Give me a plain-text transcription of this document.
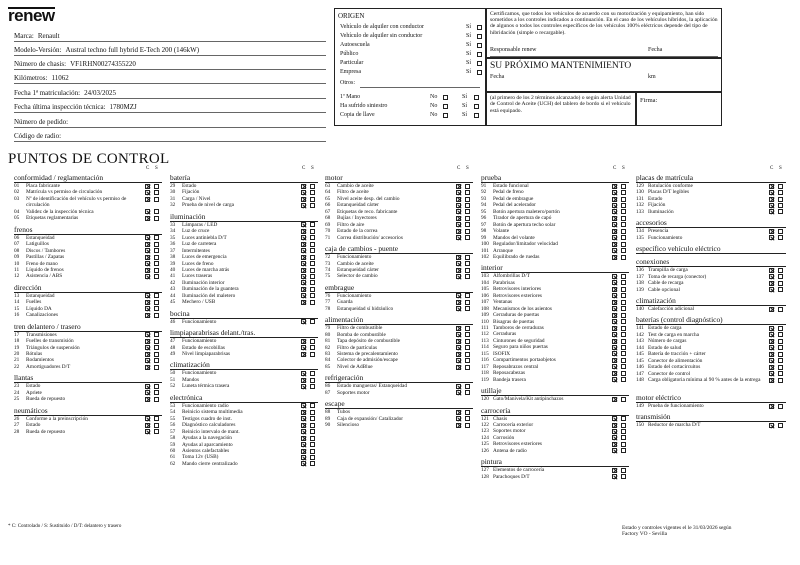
renew
Marca: Renault
Modelo-Versión: Austral techno full hybrid E-Tech 200 (146kW)
Número de chasis: VF1RHN00274355220
Kilómetros: 11062
Fecha 1ª matriculación: 24/03/2025
Fecha última inspección técnica: 1780MZJ
Número de pedido:
Código de radio:
ORIGEN
Vehículo de alquiler con conductor	Sí
Vehículo de alquiler sin conductor	Sí
Autoescuela	Sí
Público	Sí
Particular	Sí
Empresa	Sí
Otros:
1ª Mano	No	Sí
Ha sufrido siniestro	No	Sí
Copia de llave	No	Sí
Certificamos, que todos los vehículos de acuerdo con su motorización y equipamiento, han sido sometidos a los controles indicados a continuación. En el caso de los vehículos híbridos, la aplicación de algunos o todos los controles específicos de los vehículos 100% eléctricos depende del tipo de hibridación (simple o recargable).
Responsable renew	Fecha
SU PRÓXIMO MANTENIMIENTO
Fecha	km
(al primero de los 2 términos alcanzado) o según alerta Unidad de Control de Aceite (UCH) del tablero de bordo si el vehículo está equipado.
Firma:
PUNTOS DE CONTROL
C S
conformidad / reglamentación
01 Placa fabricante
02 Matrícula vs permiso de circulación
03 Nº de identificación del vehículo vs permiso de circulación
04 Validez de la inspección técnica
05 Etiquetas reglamentarias
frenos
06 Estanqueidad
07 Latiguillos
08 Discos / Tambores
09 Pastillas / Zapatas
10 Freno de mano
11 Líquido de frenos
12 Asistencia / ABS
dirección
13 Estanqueidad
14 Fuelles
15 Líquido DA
16 Canalizaciones
tren delantero / trasero
17 Transmisiones
18 Fuelles de transmisión
19 Triángulos de suspensión
20 Rótulas
21 Rodamientos
22 Amortiguadores D/T
llantas
23 Estado
24 Apriete
25 Rueda de repuesto
neumáticos
26 Conforme a la preinscripción
27 Estado
28 Rueda de repuesto
C S
batería
29 Estado
30 Fijación
31 Carga / Nivel
32 Prueba de nivel de carga
iluminación
33 Lámparas / LED
34 Luz de cruce
35 Luces antiniebla D/T
36 Luz de carretera
37 Intermitentes
38 Luces de emergencia
39 Luces de freno
40 Luces de marcha atrás
41 Luces traseras
42 Iluminación interior
43 Iluminación de la guantera
44 Iluminación del maletero
45 Mechero / USB
bocina
46 Funcionamiento
limpiaparabrisas delant./tras.
47 Funcionamiento
48 Estado de escobillas
49 Nivel limpiaparabrisas
climatización
50 Funcionamiento
51 Mandos
52 Luneta térmica trasera
electrónica
53 Funcionamiento radio
54 Reinicio sistema multimedia
55 Testigos cuadro de inst.
56 Diagnóstico calculadores
57 Reinicio intervalo de mant.
58 Ayudas a la navegación
59 Ayudas al aparcamiento
60 Asientos calefactables
61 Toma 12v (USB)
62 Mando cierre centralizado
C S
motor
63 Cambio de aceite
64 Filtro de aceite
65 Nivel aceite desp. del cambio
66 Estanqueidad cárter
67 Etiquetas de reco. fabricante
68 Bujías / Inyectores
69 Filtro de aire
70 Estado de la correa
71 Correa distribución/ accesorios
caja de cambios - puente
72 Funcionamiento
73 Cambio de aceite
74 Estanqueidad cárter
75 Selector de cambio
embrague
76 Funcionamiento
77 Guarda
78 Estanqueidad sí hidráulico
alimentación
79 Filtro de combustible
80 Bomba de combustible
81 Tapa depósito de combustible
82 Filtro de partículas
83 Sistema de precalentamiento
84 Colector de admisión/escape
85 Nivel de AdBlue
refrigeración
86 Estado mangueras/ Estanqueidad
87 Soportes motor
escape
88 Tubos
89 Caja de expansión/ Catalizador
90 Silencioso
C S
prueba
91 Estado funcional
92 Pedal de freno
93 Pedal de embrague
94 Pedal del acelerador
95 Botón apertura maletero/portón
96 Tirador de apertura de capó
97 Botón de apertura techo solar
98 Volante
99 Mandos del volante
100 Regulador/limitador velocidad
101 Arranque
102 Equilibrado de ruedas
interior
103 Alfombrillas D/T
104 Parabrisas
105 Retrovisores interiores
106 Retrovisores exteriores
107 Ventanas
108 Mecanismos de los asientos
109 Cerraduras de puertas
110 Bisagras de puertas
111 Tamboros de cerraduras
112 Cerraduras
113 Cinturones de seguridad
114 Seguro para niños puertas
115 ISOFIX
116 Compartimentos portaobjetos
117 Reposabrazos central
118 Reposacabezas
119 Bandeja trasera
utillaje
120 Gato/Manivela/Kit antipinchazos
carrocería
121 Chasis
122 Carrocería exterior
123 Soportes motor
124 Corrosión
125 Retrovisores exteriores
126 Antena de radio
pintura
127 Elementos de carrocería
128 Parachoques D/T
C S
placas de matrícula
129 Rotulación conforme
130 Placas D/T legibles
131 Estado
132 Fijación
133 Iluminación
accesorios
134 Presencia
135 Funcionamiento
específico vehículo eléctrico
conexiones
136 Trampilla de carga
137 Toma de recarga (conector)
138 Cable de recarga
139 Cable opcional
climatización
140 Calefacción adicional
baterías (control diagnóstico)
141 Estado de carga
142 Test de carga en marcha
143 Número de cargas
144 Estado de salud
145 Batería de tracción + cárter
145 Conector de alimentación
146 Estado del cortacircuitos
147 Conector de control
148 Carga obligatoria mínima al 90 % antes de la entrega
motor eléctrico
149 Prueba de funcionamiento
transmisión
150 Reductor de marcha D/T
* C: Controlado / S: Sustituido / D/T: delantero y trasero	Estado y controles vigentes el le 31/03/2026 según Factory VO - Sevilla
